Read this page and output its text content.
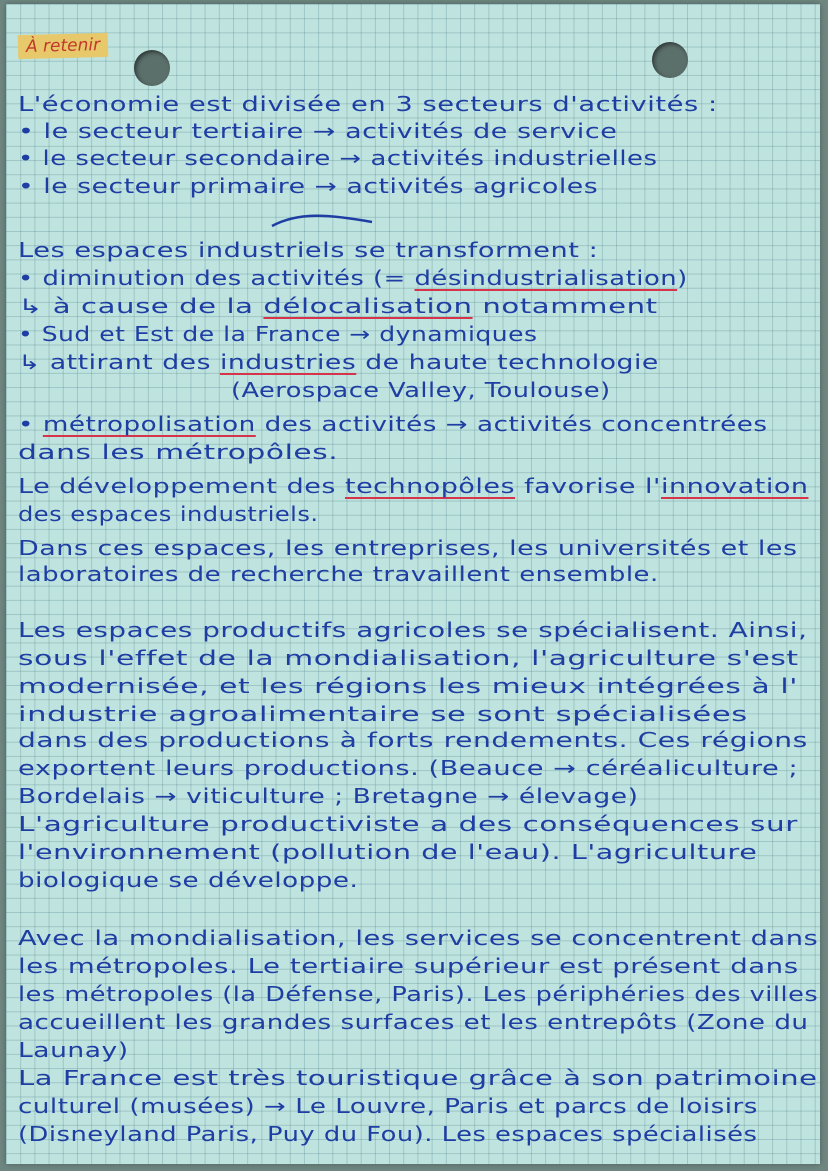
À retenir
L'économie est divisée en 3 secteurs d'activités :
• le secteur tertiaire → activités de service
• le secteur secondaire → activités industrielles
• le secteur primaire → activités agricoles
Les espaces industriels se transforment :
• diminution des activités (= désindustrialisation)
↳ à cause de la délocalisation notamment
• Sud et Est de la France → dynamiques
↳ attirant des industries de haute technologie
(Aerospace Valley, Toulouse)
• métropolisation des activités → activités concentrées
dans les métropôles.
Le développement des technopôles favorise l'innovation
des espaces industriels.
Dans ces espaces, les entreprises, les universités et les
laboratoires de recherche travaillent ensemble.
Les espaces productifs agricoles se spécialisent. Ainsi,
sous l'effet de la mondialisation, l'agriculture s'est
modernisée, et les régions les mieux intégrées à l'
industrie agroalimentaire se sont spécialisées
dans des productions à forts rendements. Ces régions
exportent leurs productions. (Beauce → céréaliculture ;
Bordelais → viticulture ; Bretagne → élevage)
L'agriculture productiviste a des conséquences sur
l'environnement (pollution de l'eau). L'agriculture
biologique se développe.
Avec la mondialisation, les services se concentrent dans
les métropoles. Le tertiaire supérieur est présent dans
les métropoles (la Défense, Paris). Les périphéries des villes
accueillent les grandes surfaces et les entrepôts (Zone du
Launay)
La France est très touristique grâce à son patrimoine
culturel (musées) → Le Louvre, Paris et parcs de loisirs
(Disneyland Paris, Puy du Fou). Les espaces spécialisés
